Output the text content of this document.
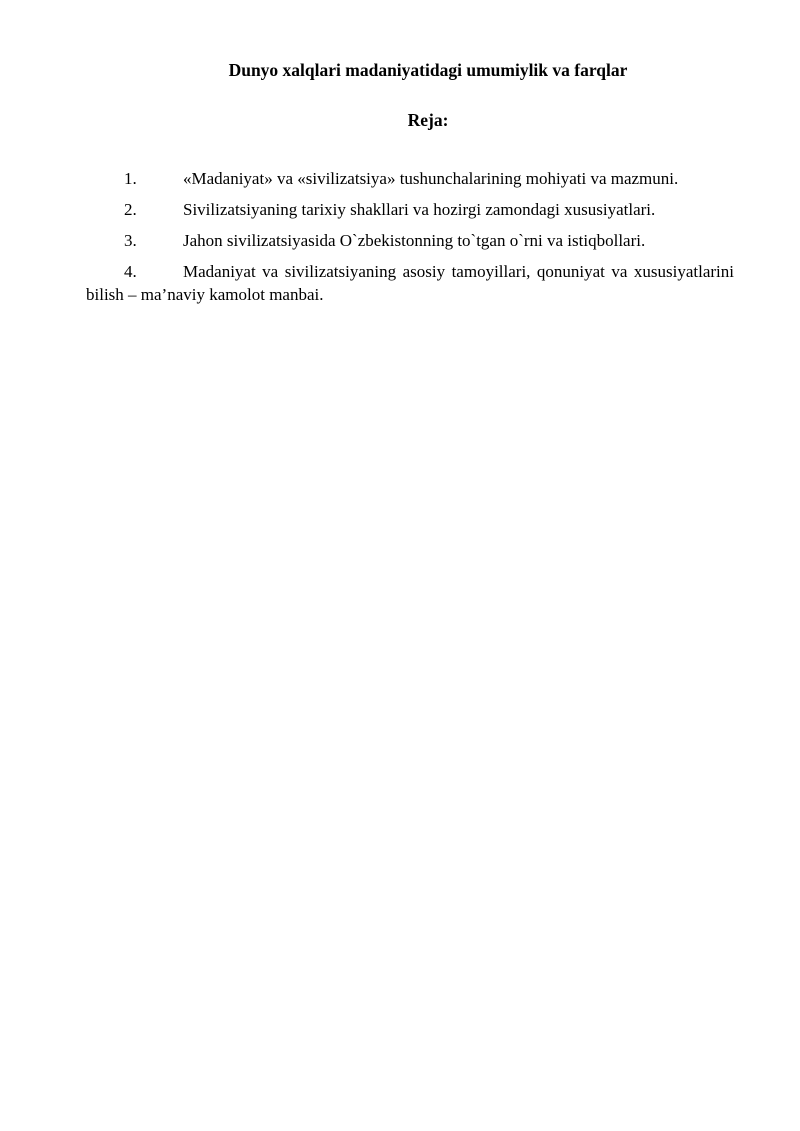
Dunyo xalqlari madaniyatidagi umumiylik va farqlar
Reja:
1.	«Madaniyat» va «sivilizatsiya» tushunchalarining mohiyati va mazmuni.
2.	Sivilizatsiyaning tarixiy shakllari va hozirgi zamondagi xususiyatlari.
3.	Jahon sivilizatsiyasida O`zbekistonning to`tgan o`rni va istiqbollari.
4.	Madaniyat va sivilizatsiyaning asosiy tamoyillari, qonuniyat va xususiyatlarini bilish – ma’naviy kamolot manbai.
